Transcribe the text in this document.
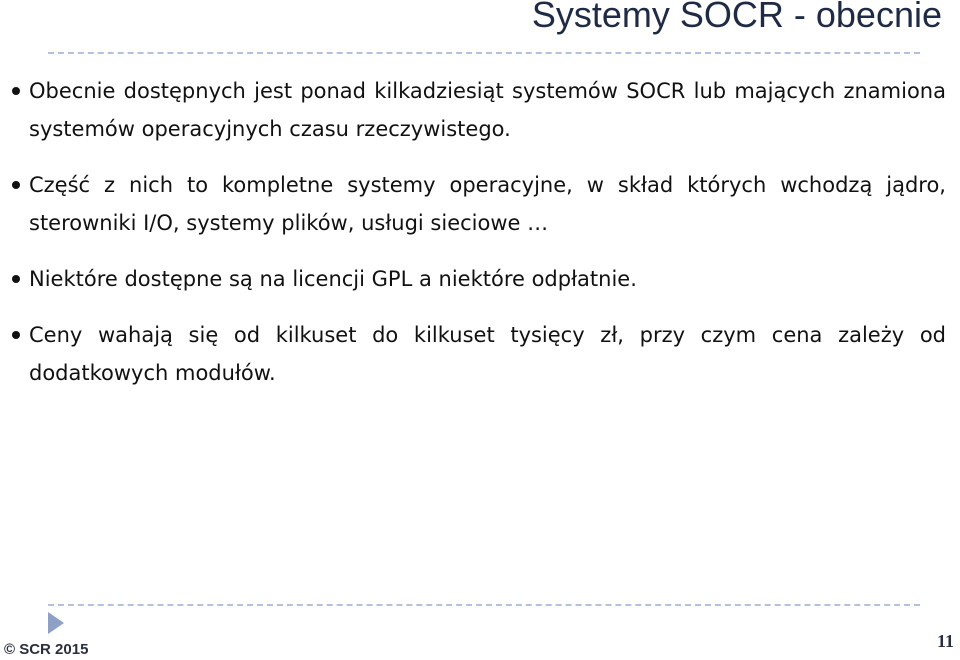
Systemy SOCR - obecnie
Obecnie dostępnych jest ponad kilkadziesiąt systemów SOCR lub mających znamiona systemów operacyjnych czasu rzeczywistego.
Część z nich to kompletne systemy operacyjne, w skład których wchodzą jądro, sterowniki I/O, systemy plików, usługi sieciowe …
Niektóre dostępne są na licencji GPL a niektóre odpłatnie.
Ceny wahają się od kilkuset do kilkuset tysięcy zł, przy czym cena zależy od dodatkowych modułów.
© SCR 2015	11
